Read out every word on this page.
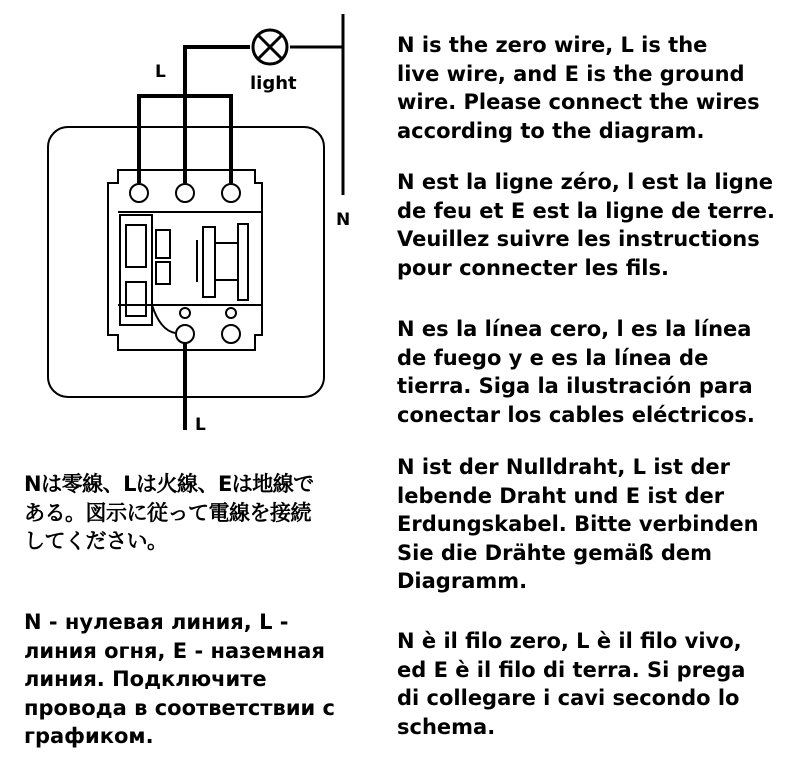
light
L
N
L

N is the zero wire, L is the
live wire, and E is the ground
wire. Please connect the wires
according to the diagram.

N est la ligne zéro, l est la ligne
de feu et E est la ligne de terre.
Veuillez suivre les instructions
pour connecter les fils.

N es la línea cero, l es la línea
de fuego y e es la línea de
tierra. Siga la ilustración para
conectar los cables eléctricos.

N ist der Nulldraht, L ist der
lebende Draht und E ist der
Erdungskabel. Bitte verbinden
Sie die Drähte gemäß dem
Diagramm.

Nは零線、Lは火線、Eは地線で
ある。図示に従って電線を接続
してください。

N - нулевая линия, L -
линия огня, E - наземная
линия. Подключите
провода в соответствии с
графиком.

N è il filo zero, L è il filo vivo,
ed E è il filo di terra. Si prega
di collegare i cavi secondo lo
schema.
